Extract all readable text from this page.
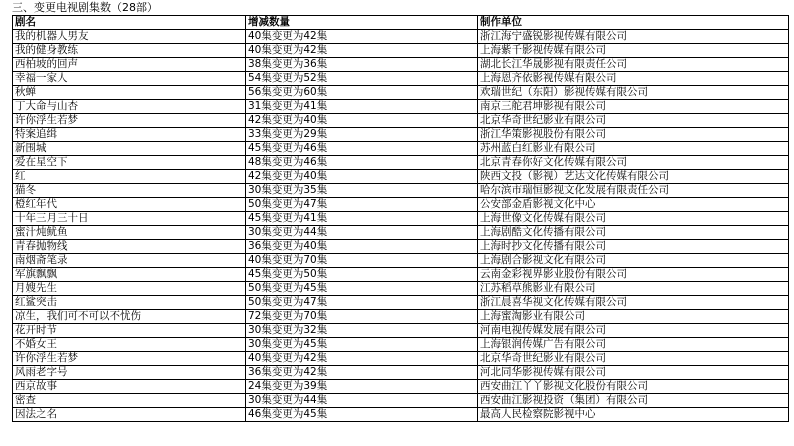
三、变更电视剧集数（28部）
剧名	增减数量	制作单位
我的机器人男友	40集变更为42集	浙江海宁盛锐影视传媒有限公司
我的健身教练	40集变更为42集	上海紫千影视传媒有限公司
西柏坡的回声	38集变更为36集	湖北长江华晟影视有限责任公司
幸福一家人	54集变更为52集	上海恩齐依影视传媒有限公司
秋蝉	56集变更为60集	欢瑞世纪（东阳）影视传媒有限公司
丁大命与山杏	31集变更为41集	南京三舵君坤影视有限公司
许你浮生若梦	42集变更为40集	北京华奇世纪影业有限公司
特案追缉	33集变更为29集	浙江华策影视股份有限公司
新围城	45集变更为46集	苏州蓝白红影业有限公司
爱在星空下	48集变更为46集	北京青春你好文化传媒有限公司
红	42集变更为40集	陕西文投（影视）艺达文化传媒有限公司
猫冬	30集变更为35集	哈尔滨市瑞恒影视文化发展有限责任公司
橙红年代	50集变更为47集	公安部金盾影视文化中心
十年三月三十日	45集变更为41集	上海世像文化传媒有限公司
蜜汁炖鱿鱼	30集变更为44集	上海剧酷文化传播有限公司
青春抛物线	36集变更为40集	上海时抄文化传播有限公司
南烟斋笔录	40集变更为70集	上海剧合影视文化有限公司
军旗飘飘	45集变更为50集	云南金彩视界影业股份有限公司
月嫂先生	50集变更为45集	江苏稻草熊影业有限公司
红鲨突击	50集变更为47集	浙江晨喜华视文化传媒有限公司
凉生，我们可不可以不忧伤	72集变更为70集	上海蜜淘影业有限公司
花开时节	30集变更为32集	河南电视传媒发展有限公司
不婚女王	30集变更为45集	上海银润传媒广告有限公司
许你浮生若梦	40集变更为42集	北京华奇世纪影业有限公司
风雨老字号	36集变更为42集	河北同华影视传媒有限公司
西京故事	24集变更为39集	西安曲江丫丫影视文化股份有限公司
密查	30集变更为44集	西安曲江影视投资（集团）有限公司
因法之名	46集变更为45集	最高人民检察院影视中心
